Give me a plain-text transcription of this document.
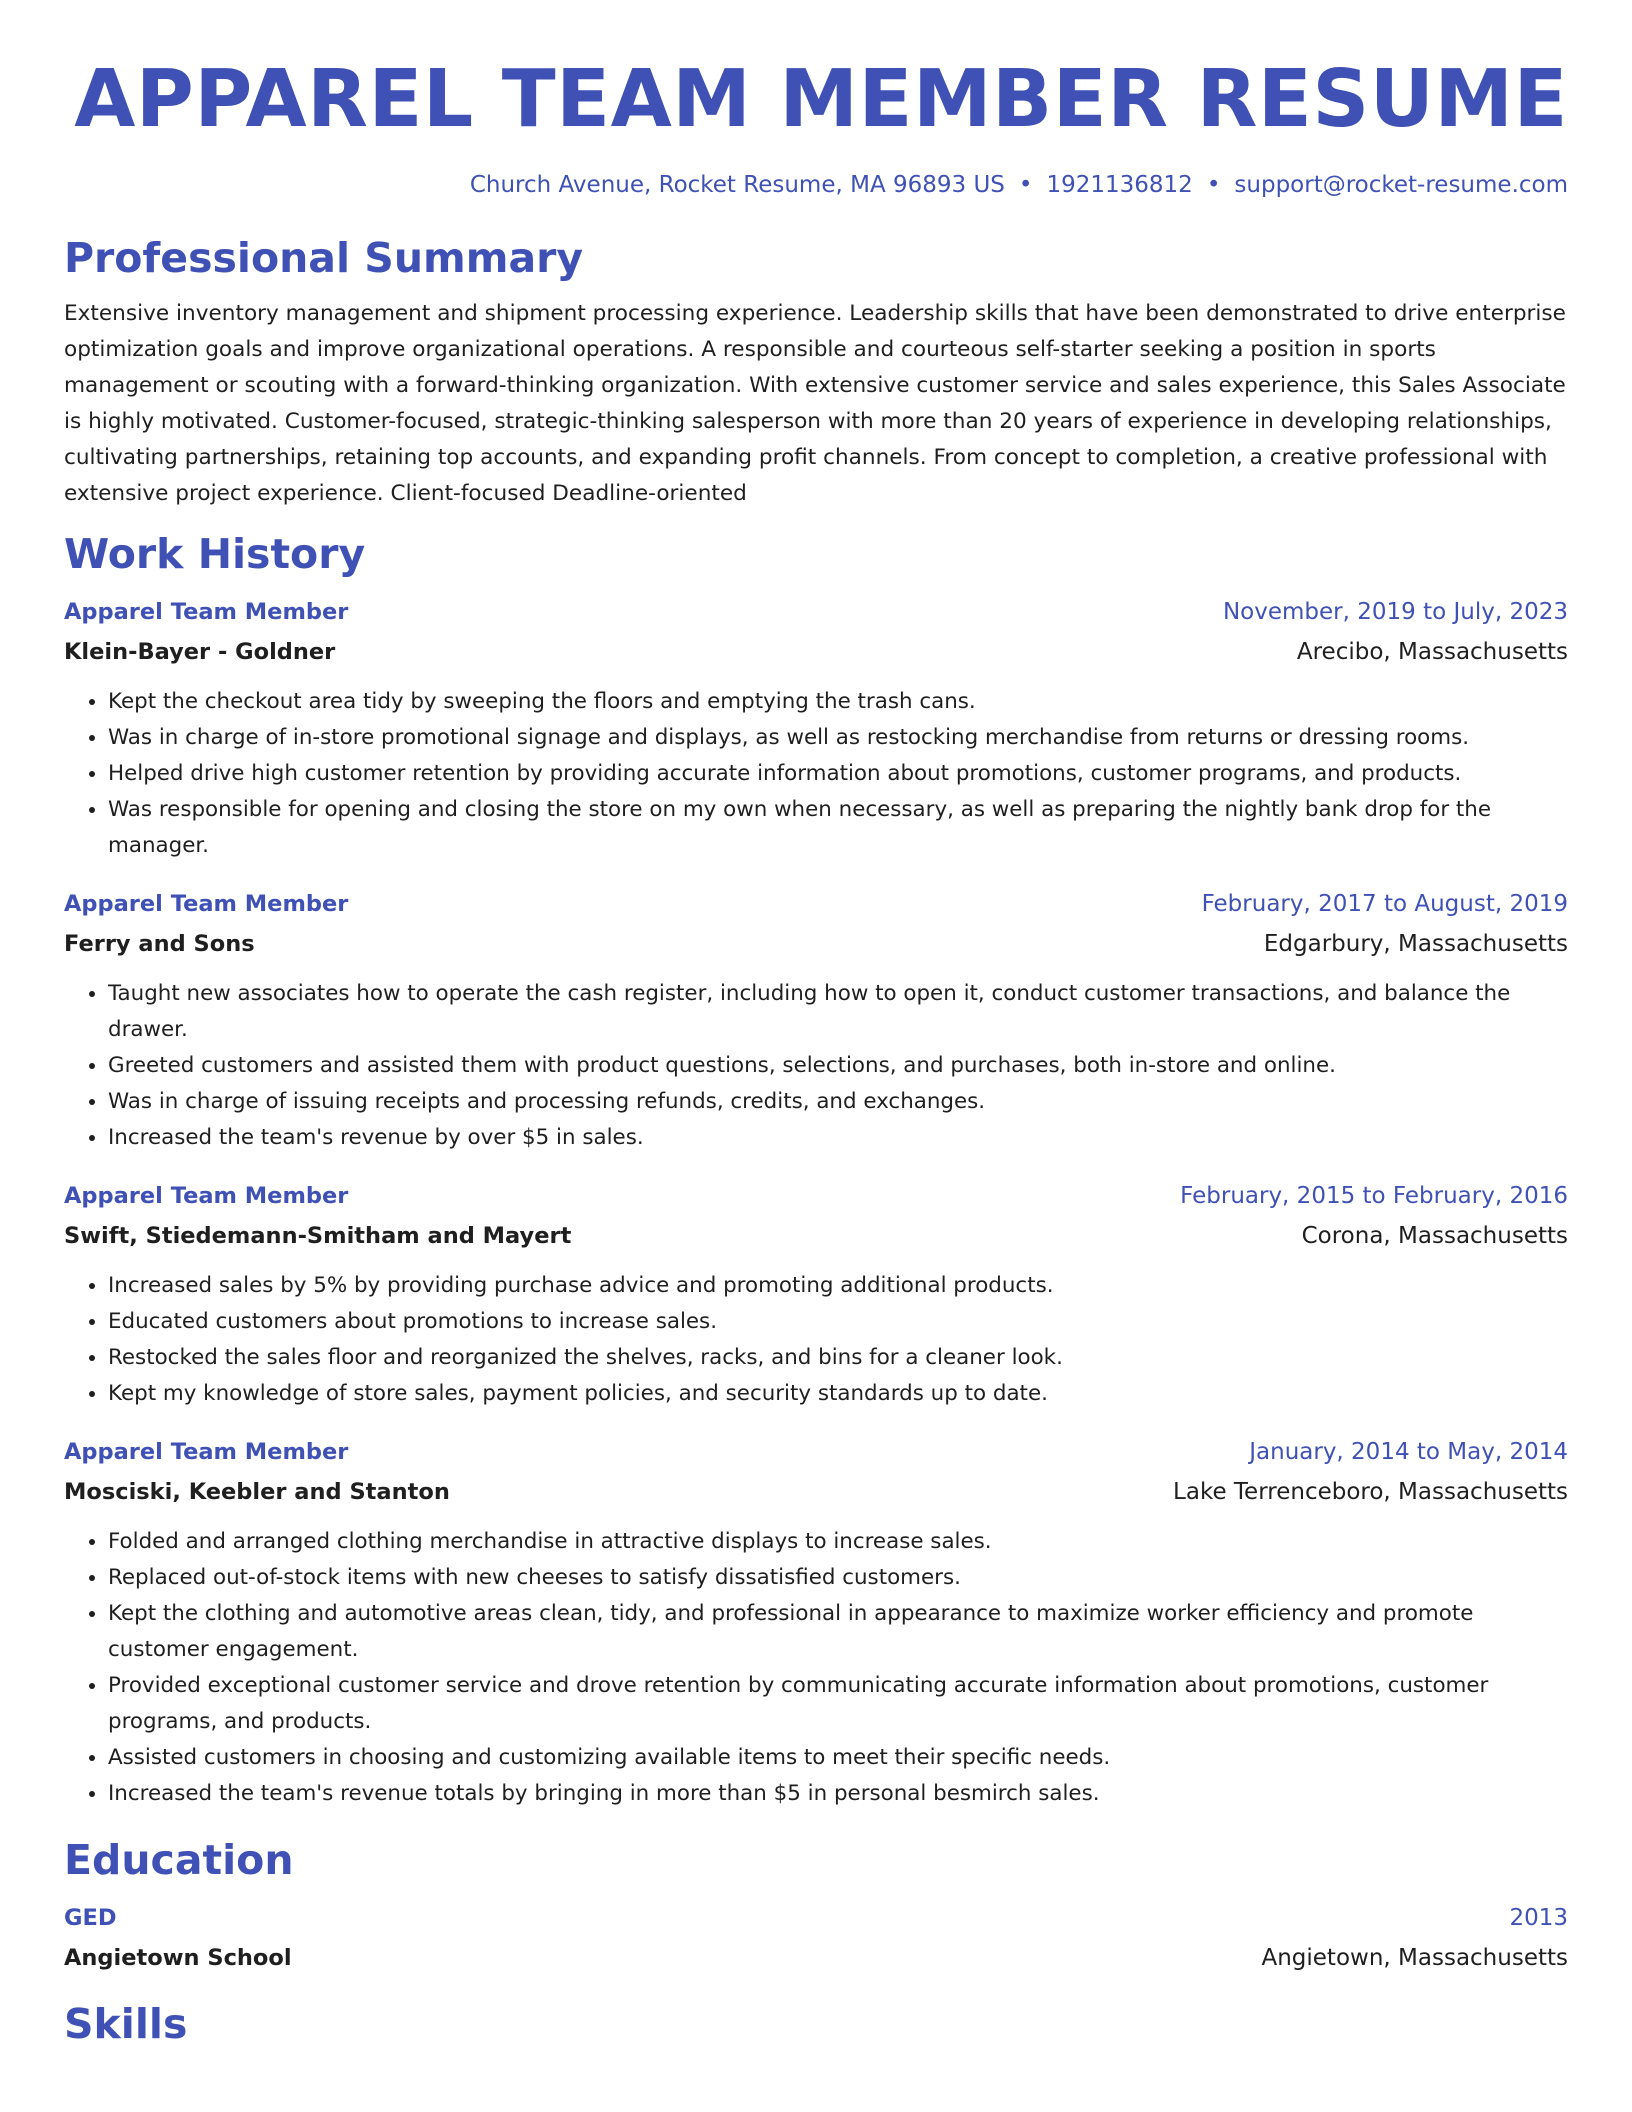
APPAREL TEAM MEMBER RESUME
Church Avenue, Rocket Resume, MA 96893 US • 1921136812 • support@rocket-resume.com
Professional Summary
Extensive inventory management and shipment processing experience. Leadership skills that have been demonstrated to drive enterprise optimization goals and improve organizational operations. A responsible and courteous self-starter seeking a position in sports management or scouting with a forward-thinking organization. With extensive customer service and sales experience, this Sales Associate is highly motivated. Customer-focused, strategic-thinking salesperson with more than 20 years of experience in developing relationships, cultivating partnerships, retaining top accounts, and expanding profit channels. From concept to completion, a creative professional with extensive project experience. Client-focused Deadline-oriented
Work History
Apparel Team Member	November, 2019 to July, 2023
Klein-Bayer - Goldner	Arecibo, Massachusetts
• Kept the checkout area tidy by sweeping the floors and emptying the trash cans.
• Was in charge of in-store promotional signage and displays, as well as restocking merchandise from returns or dressing rooms.
• Helped drive high customer retention by providing accurate information about promotions, customer programs, and products.
• Was responsible for opening and closing the store on my own when necessary, as well as preparing the nightly bank drop for the manager.
Apparel Team Member	February, 2017 to August, 2019
Ferry and Sons	Edgarbury, Massachusetts
• Taught new associates how to operate the cash register, including how to open it, conduct customer transactions, and balance the drawer.
• Greeted customers and assisted them with product questions, selections, and purchases, both in-store and online.
• Was in charge of issuing receipts and processing refunds, credits, and exchanges.
• Increased the team's revenue by over $5 in sales.
Apparel Team Member	February, 2015 to February, 2016
Swift, Stiedemann-Smitham and Mayert	Corona, Massachusetts
• Increased sales by 5% by providing purchase advice and promoting additional products.
• Educated customers about promotions to increase sales.
• Restocked the sales floor and reorganized the shelves, racks, and bins for a cleaner look.
• Kept my knowledge of store sales, payment policies, and security standards up to date.
Apparel Team Member	January, 2014 to May, 2014
Mosciski, Keebler and Stanton	Lake Terrenceboro, Massachusetts
• Folded and arranged clothing merchandise in attractive displays to increase sales.
• Replaced out-of-stock items with new cheeses to satisfy dissatisfied customers.
• Kept the clothing and automotive areas clean, tidy, and professional in appearance to maximize worker efficiency and promote customer engagement.
• Provided exceptional customer service and drove retention by communicating accurate information about promotions, customer programs, and products.
• Assisted customers in choosing and customizing available items to meet their specific needs.
• Increased the team's revenue totals by bringing in more than $5 in personal besmirch sales.
Education
GED	2013
Angietown School	Angietown, Massachusetts
Skills
